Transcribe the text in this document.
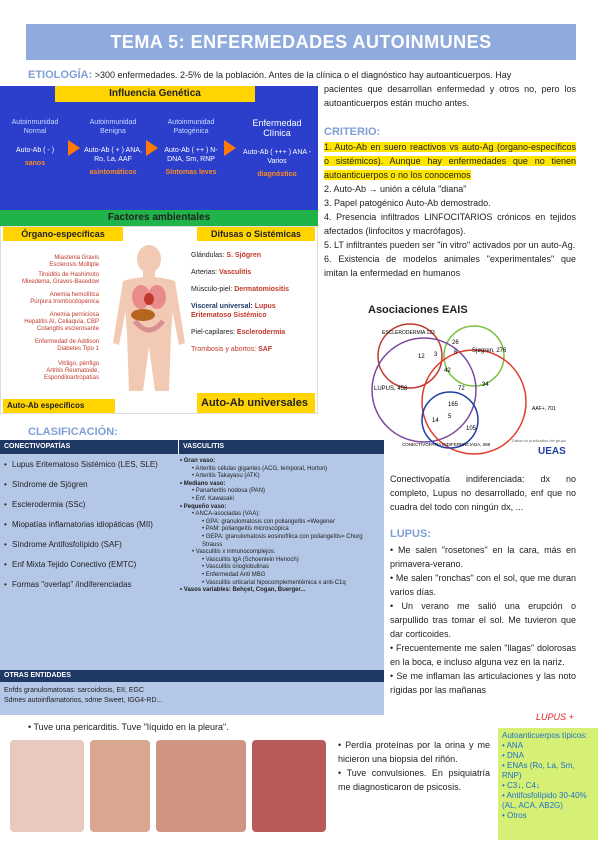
TEMA 5: ENFERMEDADES AUTOINMUNES
ETIOLOGÍA: >300 enfermedades. 2-5% de la población. Antes de la clínica o el diagnóstico hay autoanticuerpos. Hay
pacientes que desarrollan enfermedad y otros no, pero los autoanticuerpos están mucho antes.
Influencia Genética
Autoinmunidad Normal
Auto-Ab ( - )
sanos
Autoinmunidad Benigna
Auto-Ab ( + ) ANA, Ro, La, AAF
asintomáticos
Autoinmunidad Patogénica
Auto-Ab ( ++ ) N-DNA, Sm, RNP
Síntomas leves
Enfermedad Clínica
Auto-Ab ( +++ ) ANA - Varios
diagnóstico
Factores ambientales
Órgano-específicas	Difusas o Sistémicas
Miastenia Gravis
Esclerosis Múltiple
Tiroiditis de Hashimoto
Mixedema, Graves-Basedow
Anemia hemolítica
Púrpura trombocitopénica
Anemia perniciosa
Hepatitis AI, Celiaquía, CBP
Colangitis esclerosante
Enfermedad de Addison
Diabetes Tipo 1
Vitíligo, pénfigo
Artritis Reumatoide,
Espondiloartropatías
Glándulas: S. Sjögren
Arterias: Vasculitis
Músculo-piel: Dermatomiositis
Visceral universal: Lupus Eritematoso Sistémico
Piel-capilares: Esclerodermia
Trombosis y abortos: SAF
Auto-Ab específicos	Auto-Ab universales
CRITERIO:
1. Auto-Ab en suero reactivos vs auto-Ag (organo-específicos o sistémicos). Aunque hay enfermedades que no tienen autoanticuerpos o no los conocemos
2. Auto-Ab → unión a célula "diana"
3. Papel patogénico Auto-Ab demostrado.
4. Presencia infiltrados LINFOCITARIOS crónicos en tejidos afectados (linfocitos y macrófagos).
5. LT infiltrantes pueden ser "in vitro" activados por un auto-Ag.
6. Existencia de modelos animales "experimentales" que imitan la enfermedad en humanos
Asociaciones EAIS
ESCLERODERMIA 123
Sjøgren, 276
LUPUS, 458
AAF+, 701
CONECTIVOPATÍA INDIFERENCIADA, 288
12 3
26
6
42
72
34
165
105
14
5
Datos no publicados del grupo
UEAS
Conectivopatía indiferenciada: dx no completo, Lupus no desarrollado, enf que no cuadra del todo con ningún dx, ...
CLASIFICACIÓN:
CONECTIVOPATÍAS	VASCULITIS
• Lupus Eritematoso Sistémico (LES, SLE)
• Síndrome de Sjögren
• Esclerodermia (SSc)
• Miopatías inflamatorias idiopáticas (MII)
• Síndrome Antifosfolípido (SAF)
• Enf Mixta Tejido Conectivo (EMTC)
• Formas "overlap" /indiferenciadas
• Gran vaso:
• Arteritis células gigantes (ACG, temporal, Horton)
• Arteritis Takayasu (ATK)
• Mediano vaso:
• Panarteritis nodosa (PAN)
• Enf. Kawasaki
• Pequeño vaso:
• ANCA-asociadas (VAA):
• GPA: granulomatosis con poliangeítis =Wegener
• PAM: poliangeítis microscópica
• GEPA: granulomatosis eosinofílica con poliangeítis= Churg Strauss
• Vasculitis x inmunocomplejos:
• Vasculitis IgA (Schoenlein Henoch)
• Vasculitis crioglobulinas
• Enfermedad Anti MBG
• Vasculitis urticarial hipocomplementémica x anti-C1q
• Vasos variables: Behçet, Cogan, Buerger...
OTRAS ENTIDADES
Enfds granulomatosas: sarcoidosis, EII, EGC
Sdmes autoinflamatorios, sdme Sweet, IGG4-RD...
LUPUS:
• Me salen "rosetones" en la cara, más en primavera-verano.
• Me salen "ronchas" con el sol, que me duran varios días.
• Un verano me salió una erupción o sarpullido tras tomar el sol. Me tuvieron que dar corticoides.
• Frecuentemente me salen "llagas" dolorosas en la boca, e incluso alguna vez en la nariz.
• Se me inflaman las articulaciones y las noto rígidas por las mañanas
LUPUS +
• Tuve una pericarditis. Tuve "líquido en la pleura".
• Perdía proteínas por la orina y me hicieron una biopsia del riñón.
• Tuve convulsiones. En psiquiatría me diagnosticaron de psicosis.
Autoanticuerpos típicos:
• ANA
• DNA
• ENAs (Ro, La, Sm, RNP)
• C3↓, C4↓
• Antifosfolípido 30-40% (AL, ACA, AB2G)
• Otros
